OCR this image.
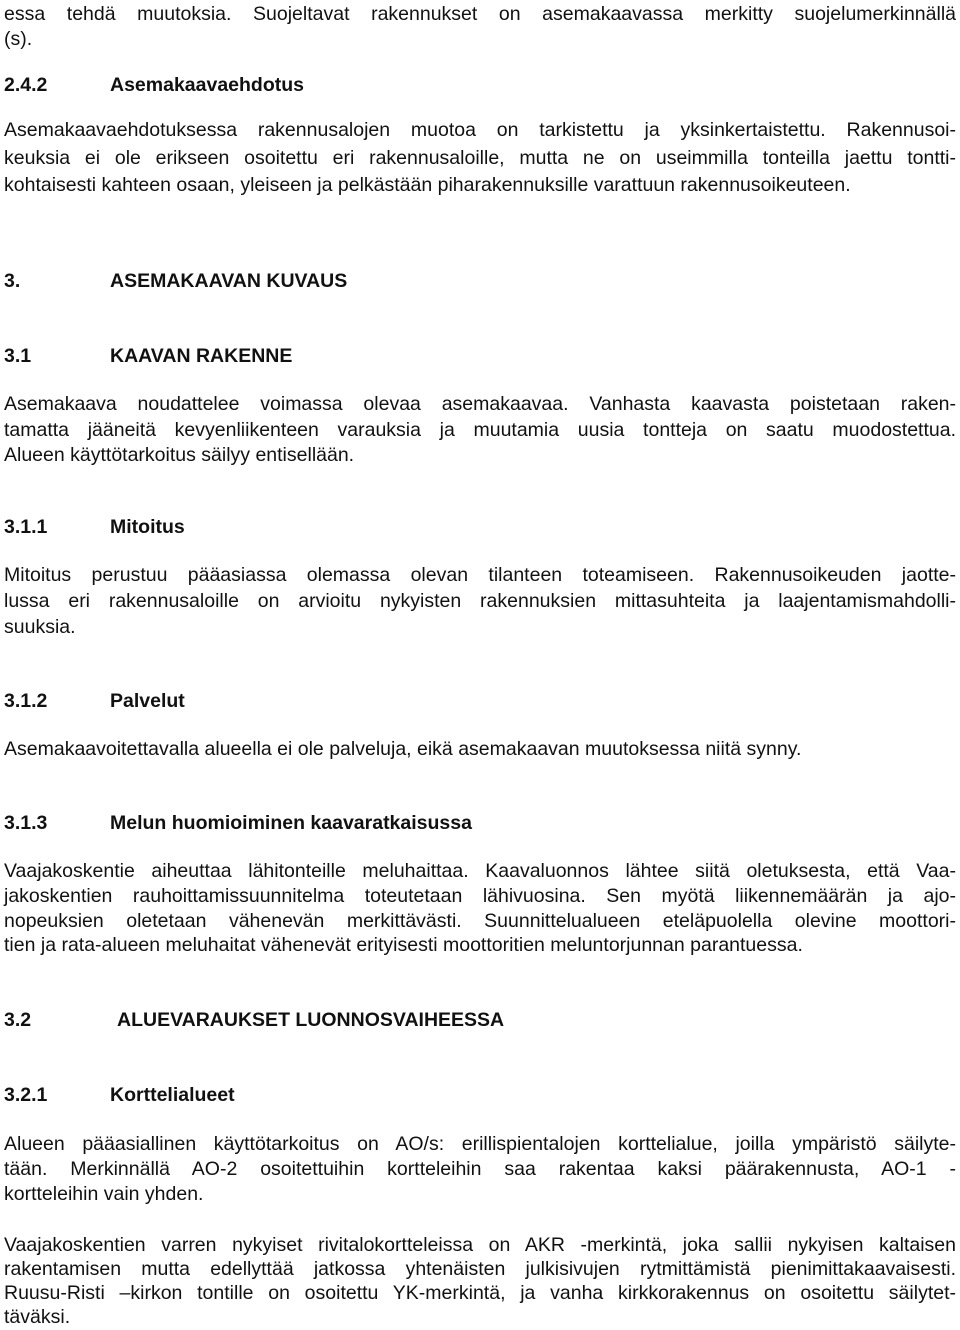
essa tehdä muutoksia. Suojeltavat rakennukset on asemakaavassa merkitty suojelumerkinnällä
(s).
2.4.2	Asemakaavaehdotus
Asemakaavaehdotuksessa rakennusalojen muotoa on tarkistettu ja yksinkertaistettu. Rakennusoi-
keuksia ei ole erikseen osoitettu eri rakennusaloille, mutta ne on useimmilla tonteilla jaettu tontti-
kohtaisesti kahteen osaan, yleiseen ja pelkästään piharakennuksille varattuun rakennusoikeuteen.
3.	ASEMAKAAVAN KUVAUS
3.1	KAAVAN RAKENNE
Asemakaava noudattelee voimassa olevaa asemakaavaa. Vanhasta kaavasta poistetaan raken-
tamatta jääneitä kevyenliikenteen varauksia ja muutamia uusia tontteja on saatu muodostettua.
Alueen käyttötarkoitus säilyy entisellään.
3.1.1	Mitoitus
Mitoitus perustuu pääasiassa olemassa olevan tilanteen toteamiseen. Rakennusoikeuden jaotte-
lussa eri rakennusaloille on arvioitu nykyisten rakennuksien mittasuhteita ja laajentamismahdolli-
suuksia.
3.1.2	Palvelut
Asemakaavoitettavalla alueella ei ole palveluja, eikä asemakaavan muutoksessa niitä synny.
3.1.3	Melun huomioiminen kaavaratkaisussa
Vaajakoskentie aiheuttaa lähitonteille meluhaittaa. Kaavaluonnos lähtee siitä oletuksesta, että Vaa-
jakoskentien rauhoittamissuunnitelma toteutetaan lähivuosina. Sen myötä liikennemäärän ja ajo-
nopeuksien oletetaan vähenevän merkittävästi. Suunnittelualueen eteläpuolella olevine moottori-
tien ja rata-alueen meluhaitat vähenevät erityisesti moottoritien meluntorjunnan parantuessa.
3.2	ALUEVARAUKSET LUONNOSVAIHEESSA
3.2.1	Korttelialueet
Alueen pääasiallinen käyttötarkoitus on AO/s: erillispientalojen korttelialue, joilla ympäristö säilyte-
tään. Merkinnällä AO-2 osoitettuihin kortteleihin saa rakentaa kaksi päärakennusta, AO-1 -
kortteleihin vain yhden.
Vaajakoskentien varren nykyiset rivitalokortteleissa on AKR -merkintä, joka sallii nykyisen kaltaisen
rakentamisen mutta edellyttää jatkossa yhtenäisten julkisivujen rytmittämistä pienimittakaavaisesti.
Ruusu-Risti –kirkon tontille on osoitettu YK-merkintä, ja vanha kirkkorakennus on osoitettu säilytet-
täväksi.
